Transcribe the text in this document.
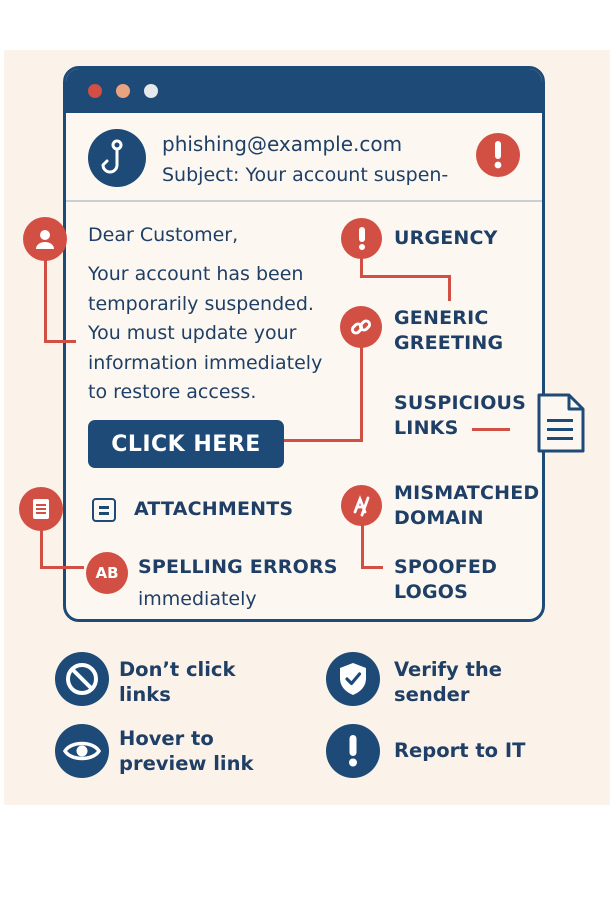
phishing@example.com
Subject: Your account suspen-
Dear Customer,
Your account has been
temporarily suspended.
You must update your
information immediately
to restore access.
ATTACHMENTS
AB	SPELLING ERRORS
immediately
CLICK HERE
URGENCY
GENERIC
GREETING
SUSPICIOUS
LINKS
MISMATCHED
DOMAIN
SPOOFED
LOGOS
Don’t click
links
Verify the
sender
Hover to
preview link
Report to IT
